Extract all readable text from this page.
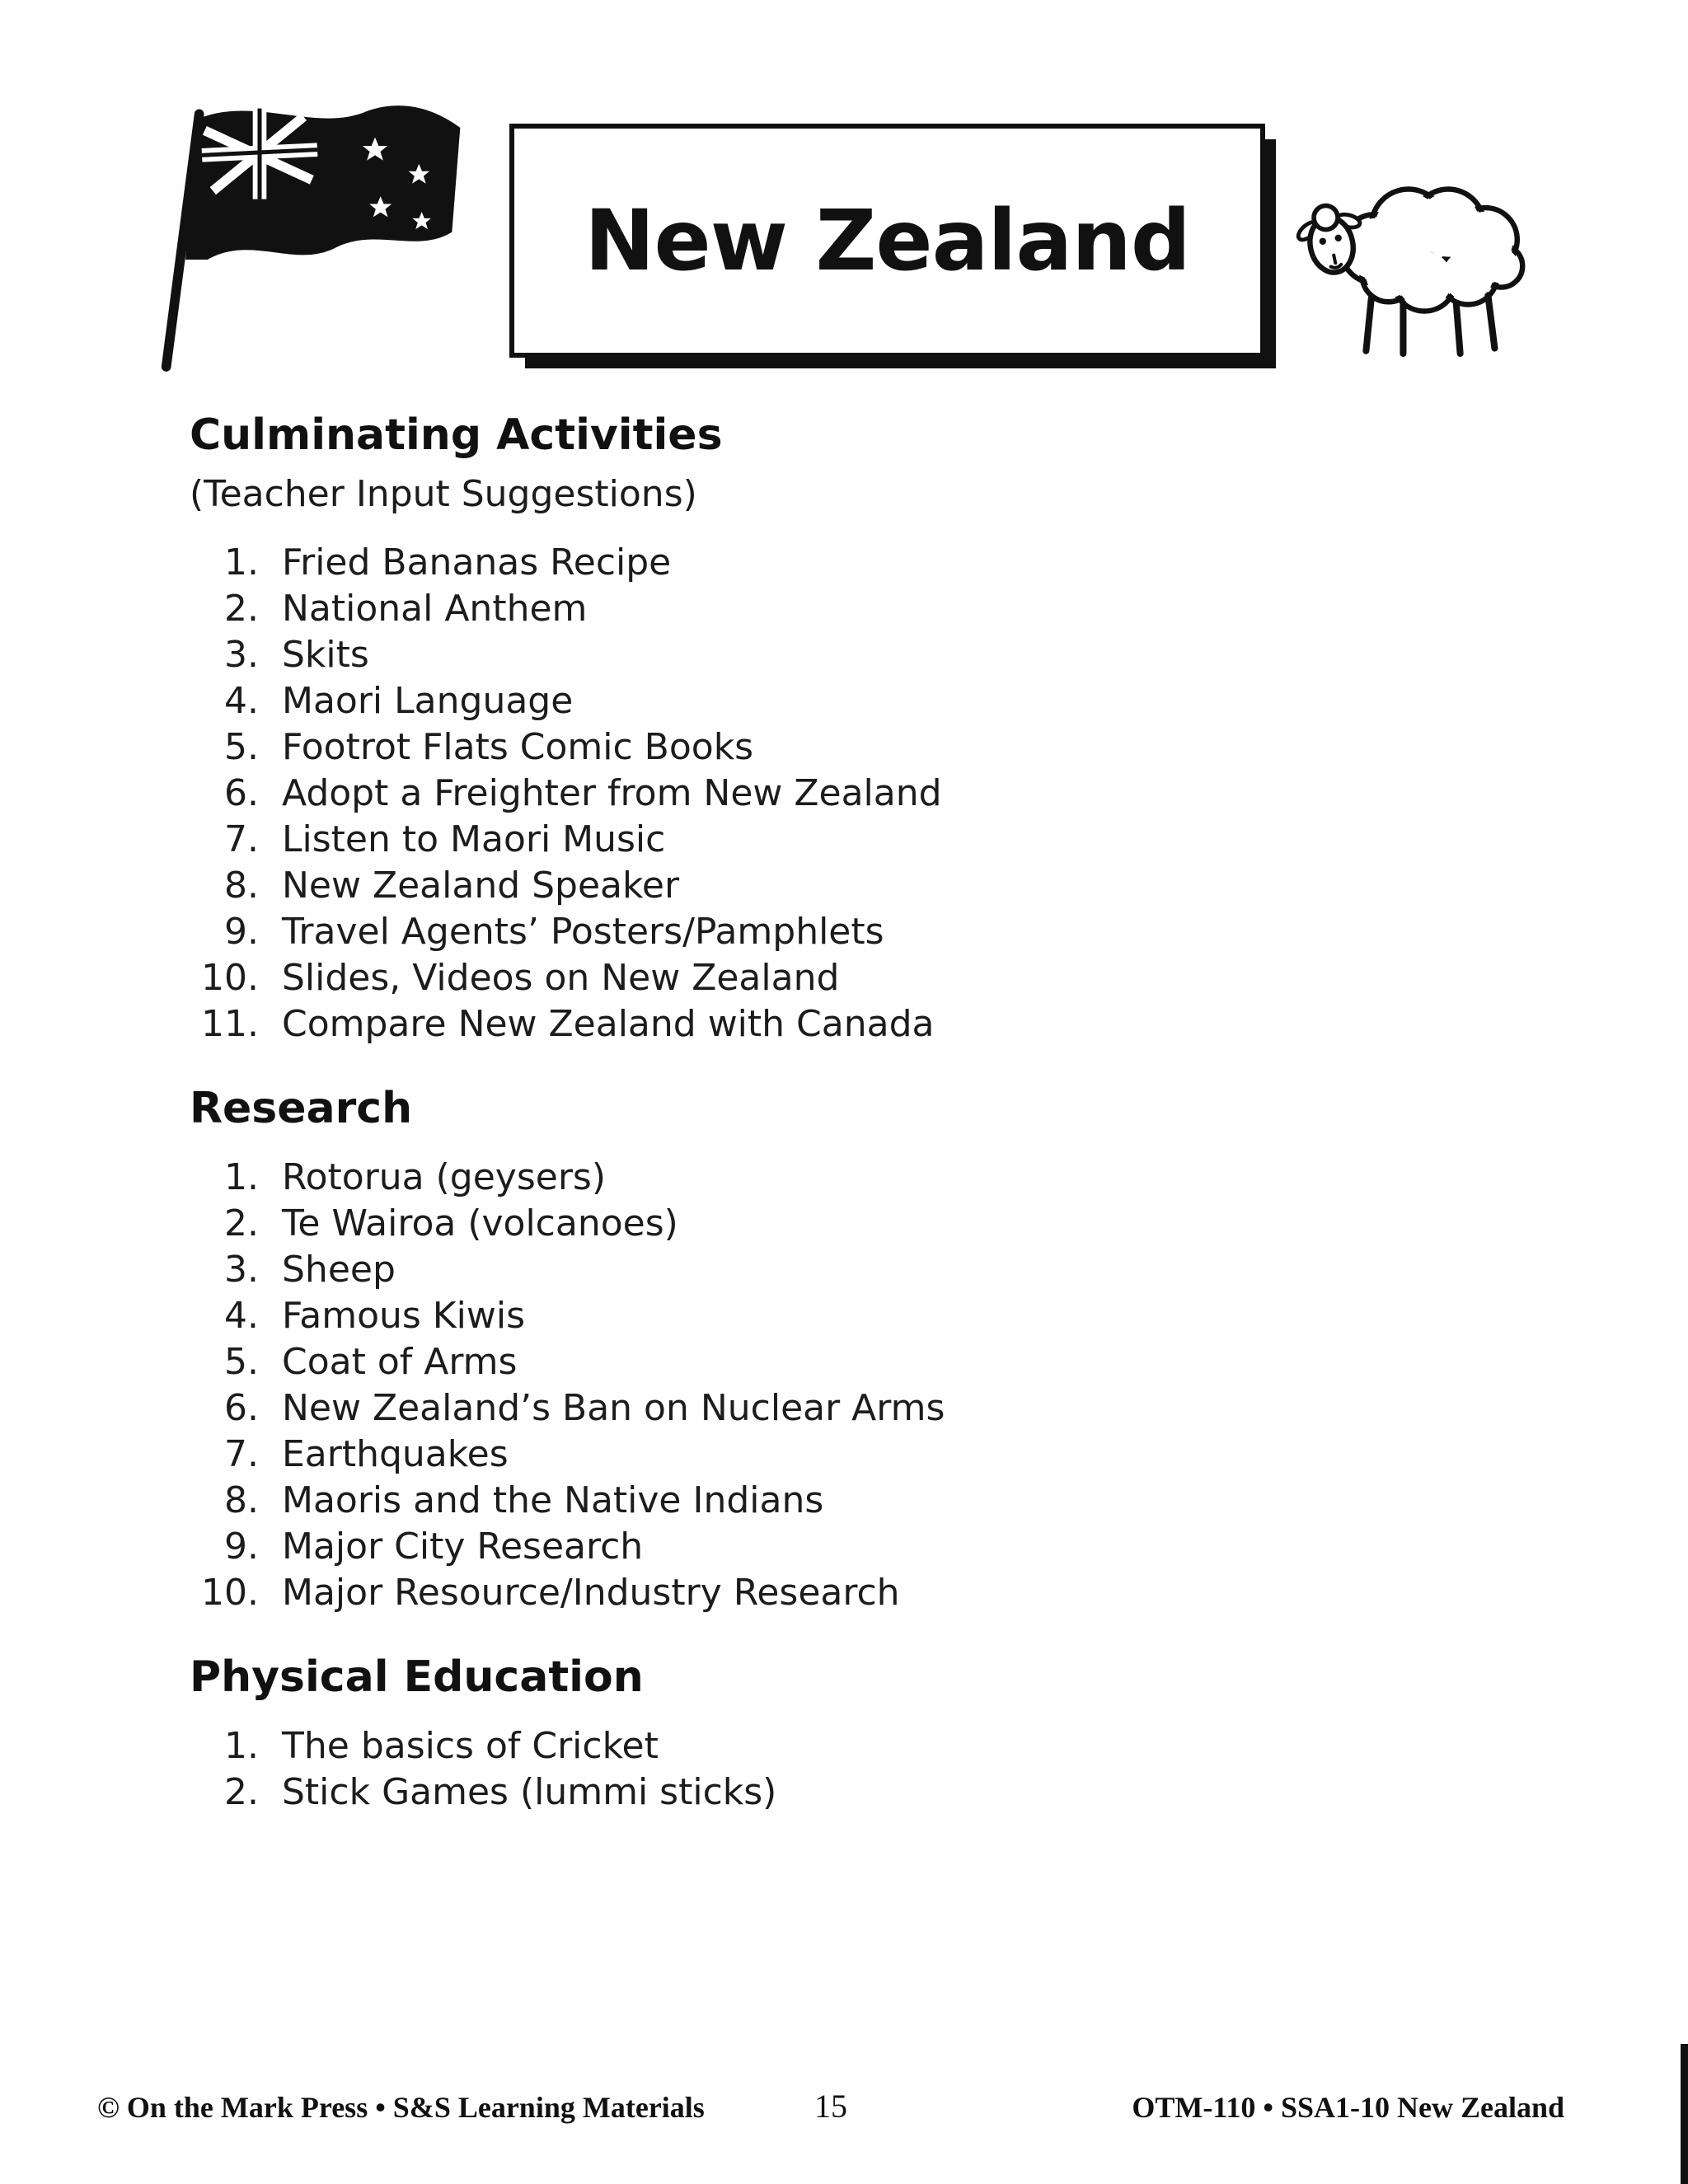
New Zealand
Culminating Activities
(Teacher Input Suggestions)
1. Fried Bananas Recipe
2. National Anthem
3. Skits
4. Maori Language
5. Footrot Flats Comic Books
6. Adopt a Freighter from New Zealand
7. Listen to Maori Music
8. New Zealand Speaker
9. Travel Agents’ Posters/Pamphlets
10. Slides, Videos on New Zealand
11. Compare New Zealand with Canada
Research
1. Rotorua (geysers)
2. Te Wairoa (volcanoes)
3. Sheep
4. Famous Kiwis
5. Coat of Arms
6. New Zealand’s Ban on Nuclear Arms
7. Earthquakes
8. Maoris and the Native Indians
9. Major City Research
10. Major Resource/Industry Research
Physical Education
1. The basics of Cricket
2. Stick Games (lummi sticks)
© On the Mark Press • S&S Learning Materials	15	OTM-110 • SSA1-10 New Zealand
